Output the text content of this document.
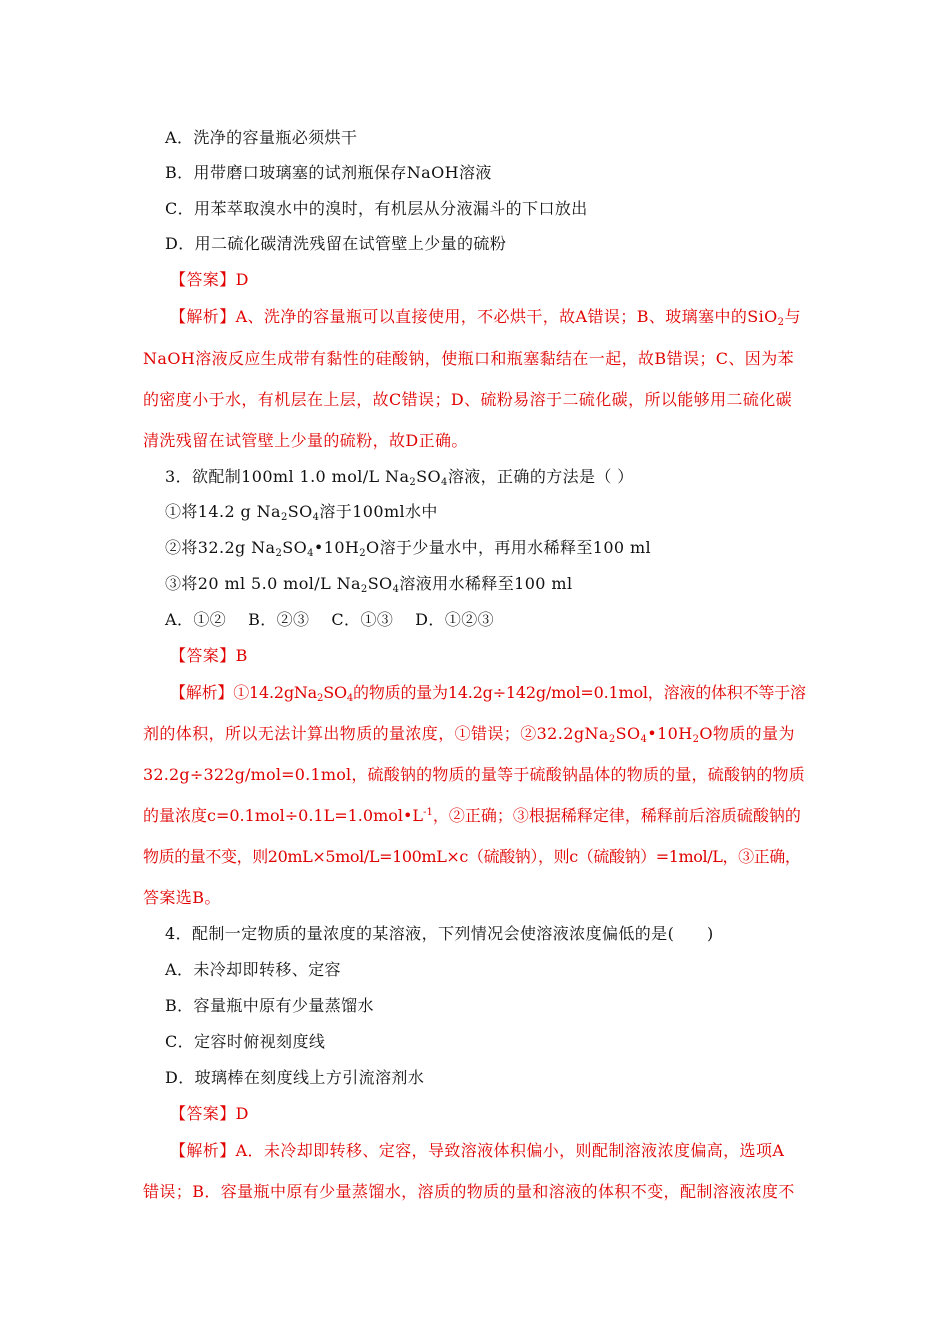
A．洗净的容量瓶必须烘干
B．用带磨口玻璃塞的试剂瓶保存NaOH溶液
C．用苯萃取溴水中的溴时，有机层从分液漏斗的下口放出
D．用二硫化碳清洗残留在试管壁上少量的硫粉
【答案】D
【解析】A、洗净的容量瓶可以直接使用，不必烘干，故A错误；B、玻璃塞中的SiO$_2$与
NaOH溶液反应生成带有黏性的硅酸钠，使瓶口和瓶塞黏结在一起，故B错误；C、因为苯
的密度小于水，有机层在上层，故C错误；D、硫粉易溶于二硫化碳，所以能够用二硫化碳
清洗残留在试管壁上少量的硫粉，故D正确。
3．欲配制100ml 1.0 mol/L $Na_2SO_4$溶液，正确的方法是（ ）
①将14.2 g $Na_2SO_4$溶于100ml水中
②将32.2g $Na_2SO_4•10H_2O$溶于少量水中，再用水稀释至100 ml
③将20 ml 5.0 mol/L $Na_2SO_4$溶液用水稀释至100 ml
A．①②    B．②③    C．①③    D．①②③
【答案】B
【解析】$①14.2gNa_2SO_4$的物质的量为14.2g÷142g/mol=0.1mol，溶液的体积不等于溶
剂的体积，所以无法计算出物质的量浓度，①错误；$②32.2gNa_2SO_4•10H_2O$物质的量为
32.2g÷322g/mol=0.1mol，硫酸钠的物质的量等于硫酸钠晶体的物质的量，硫酸钠的物质
的量浓度$c=0.1mol\div 0.1L=1.0mol•L^{-1}$，②正确；③根据稀释定律，稀释前后溶质硫酸钠的
物质的量不变，则20mL×5mol/L=100mL×c（硫酸钠），则c（硫酸钠）=1mol/L，③正确，
答案选B。
4．配制一定物质的量浓度的某溶液，下列情况会使溶液浓度偏低的是(　　)
A．未冷却即转移、定容
B．容量瓶中原有少量蒸馏水
C．定容时俯视刻度线
D．玻璃棒在刻度线上方引流溶剂水
【答案】D
【解析】A．未冷却即转移、定容，导致溶液体积偏小，则配制溶液浓度偏高，选项A
错误；B．容量瓶中原有少量蒸馏水，溶质的物质的量和溶液的体积不变，配制溶液浓度不
